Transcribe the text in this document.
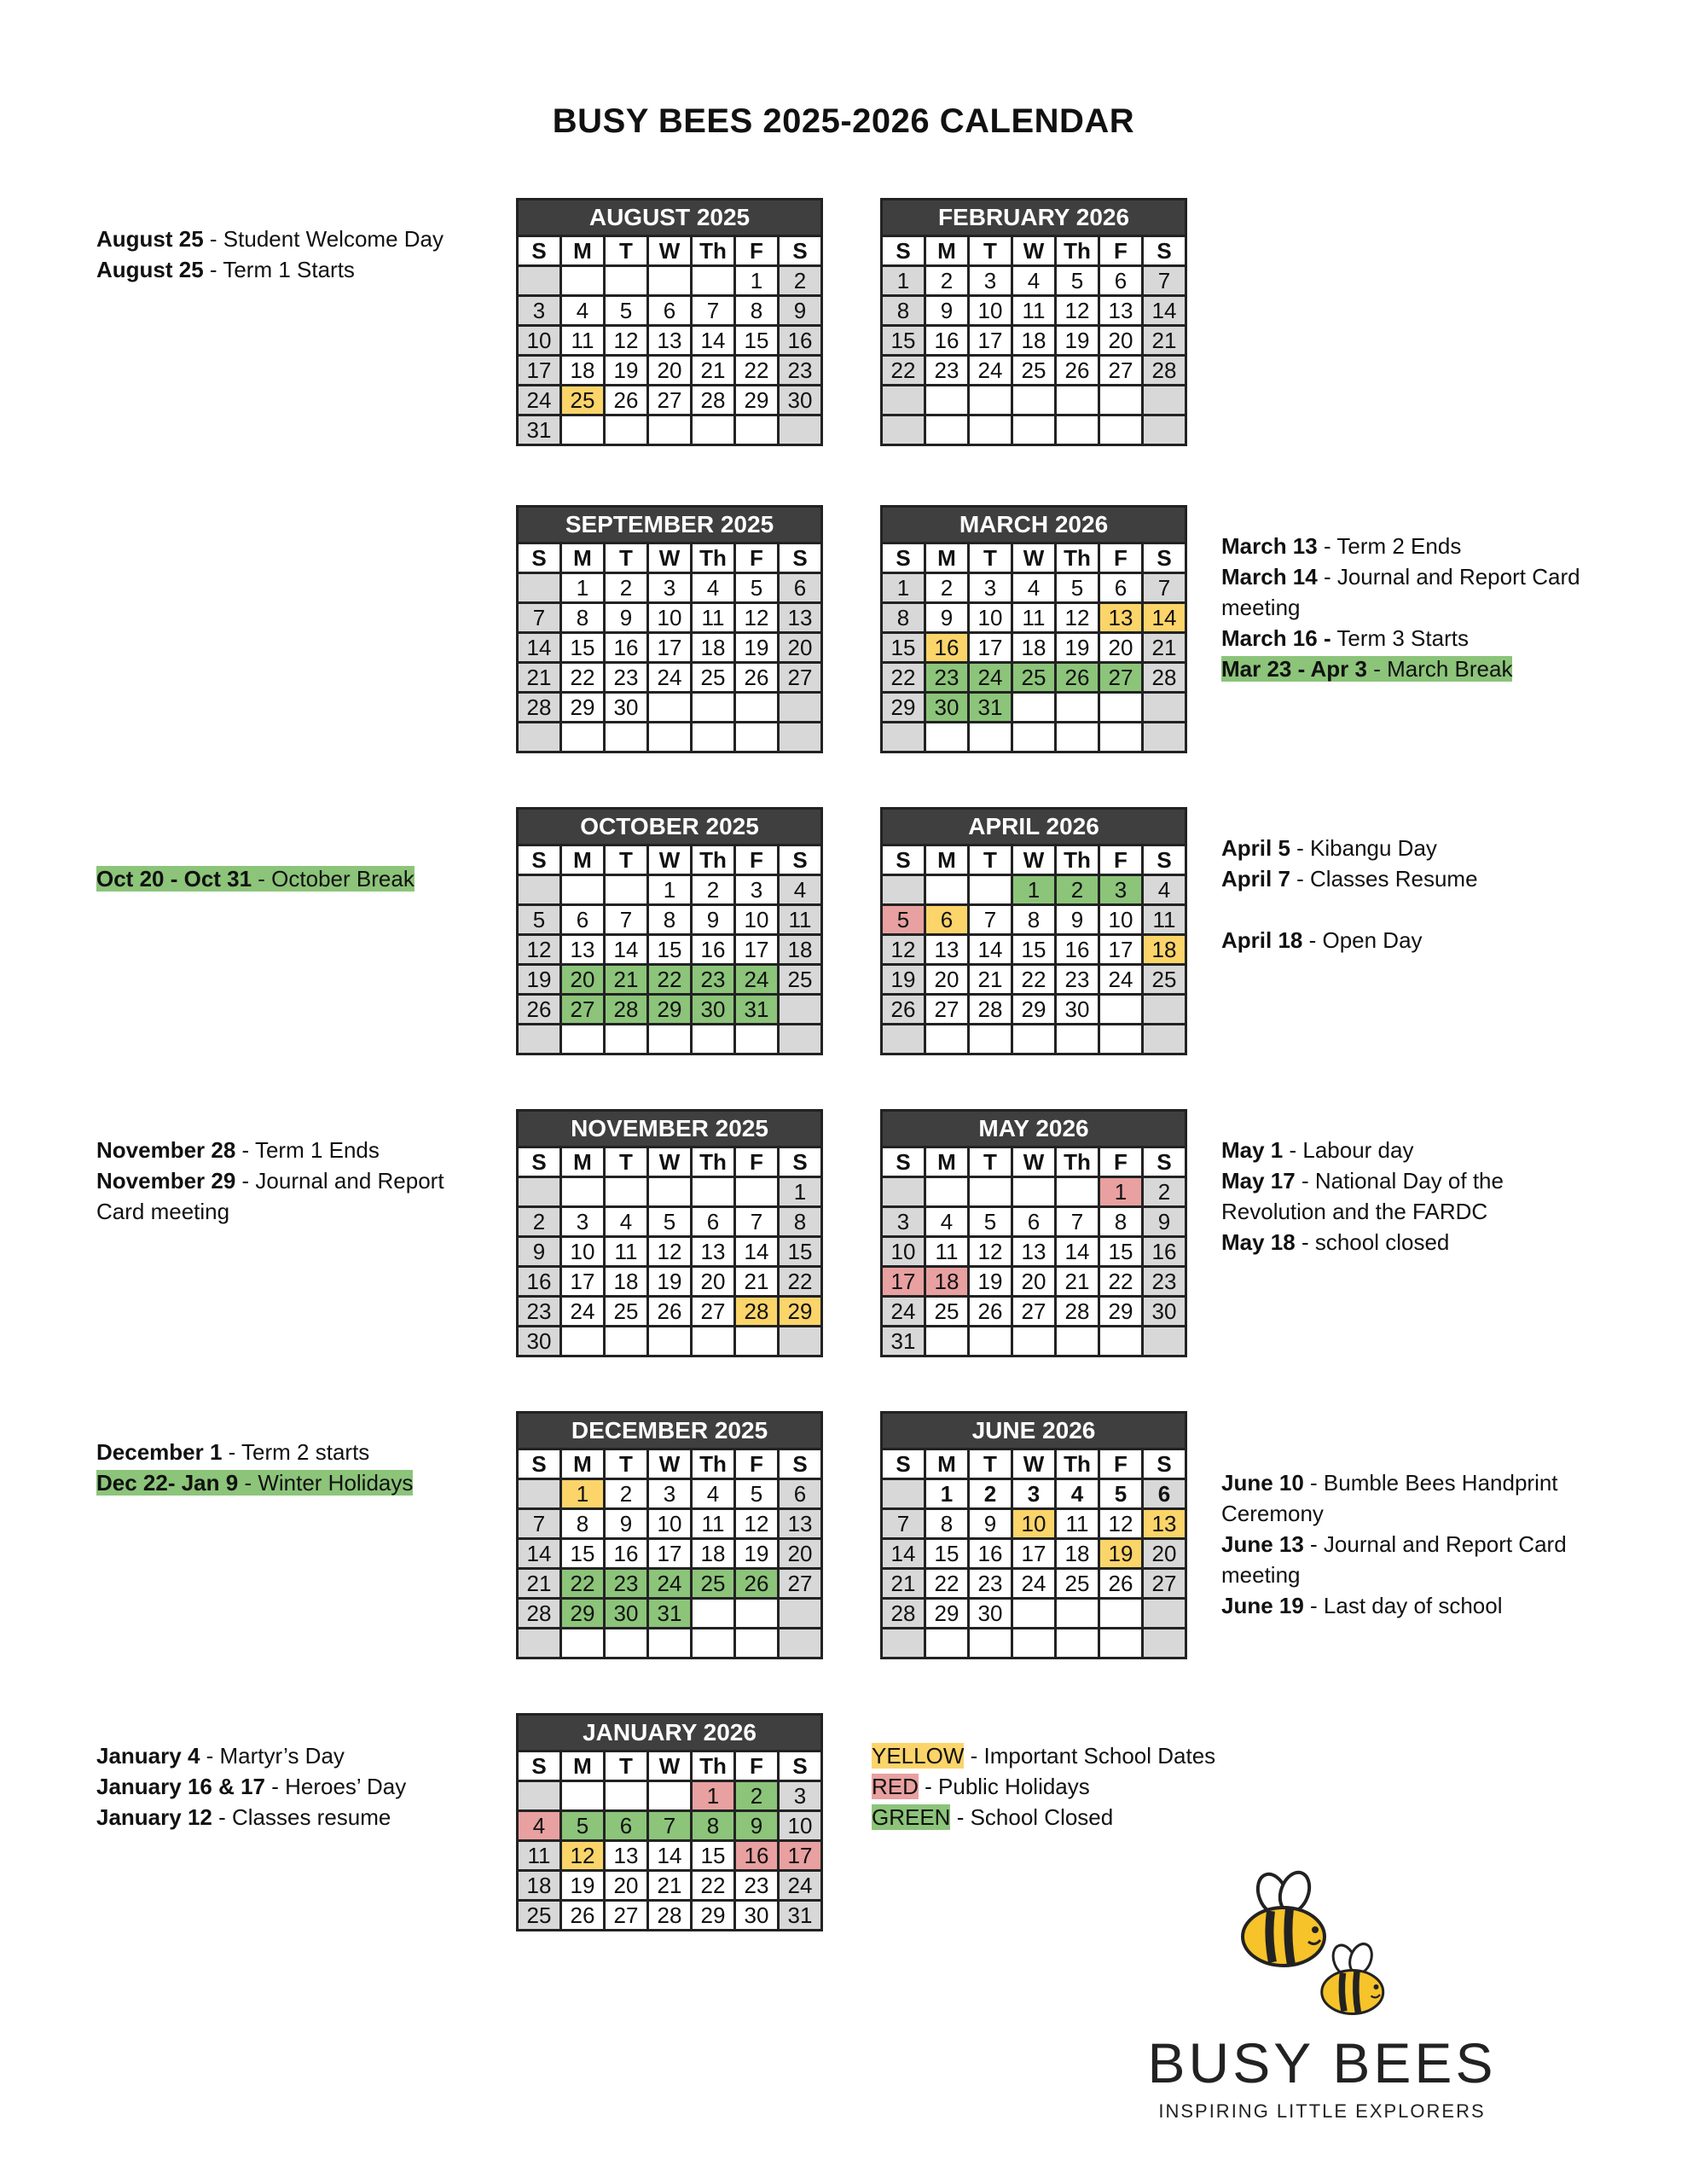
BUSY BEES 2025-2026 CALENDAR
AUGUST 2025
S	M	T	W	Th	F	S
					1	2
3	4	5	6	7	8	9
10	11	12	13	14	15	16
17	18	19	20	21	22	23
24	25	26	27	28	29	30
31						
FEBRUARY 2026
S	M	T	W	Th	F	S
1	2	3	4	5	6	7
8	9	10	11	12	13	14
15	16	17	18	19	20	21
22	23	24	25	26	27	28

SEPTEMBER 2025
S	M	T	W	Th	F	S
	1	2	3	4	5	6
7	8	9	10	11	12	13
14	15	16	17	18	19	20
21	22	23	24	25	26	27
28	29	30				

MARCH 2026
S	M	T	W	Th	F	S
1	2	3	4	5	6	7
8	9	10	11	12	13	14
15	16	17	18	19	20	21
22	23	24	25	26	27	28
29	30	31				

OCTOBER 2025
S	M	T	W	Th	F	S
			1	2	3	4
5	6	7	8	9	10	11
12	13	14	15	16	17	18
19	20	21	22	23	24	25
26	27	28	29	30	31	

APRIL 2026
S	M	T	W	Th	F	S
			1	2	3	4
5	6	7	8	9	10	11
12	13	14	15	16	17	18
19	20	21	22	23	24	25
26	27	28	29	30		

NOVEMBER 2025
S	M	T	W	Th	F	S
						1
2	3	4	5	6	7	8
9	10	11	12	13	14	15
16	17	18	19	20	21	22
23	24	25	26	27	28	29
30						
MAY 2026
S	M	T	W	Th	F	S
					1	2
3	4	5	6	7	8	9
10	11	12	13	14	15	16
17	18	19	20	21	22	23
24	25	26	27	28	29	30
31						
DECEMBER 2025
S	M	T	W	Th	F	S
	1	2	3	4	5	6
7	8	9	10	11	12	13
14	15	16	17	18	19	20
21	22	23	24	25	26	27
28	29	30	31			

JUNE 2026
S	M	T	W	Th	F	S
	1	2	3	4	5	6
7	8	9	10	11	12	13
14	15	16	17	18	19	20
21	22	23	24	25	26	27
28	29	30				

JANUARY 2026
S	M	T	W	Th	F	S
				1	2	3
4	5	6	7	8	9	10
11	12	13	14	15	16	17
18	19	20	21	22	23	24
25	26	27	28	29	30	31
August 25 - Student Welcome Day
August 25 - Term 1 Starts
March 13 - Term 2 Ends
March 14 - Journal and Report Card meeting
March 16 - Term 3 Starts
Mar 23 - Apr 3 - March Break
Oct 20 - Oct 31 - October Break
April 5 - Kibangu Day
April 7 - Classes Resume
April 18 - Open Day
November 28 - Term 1 Ends
November 29 - Journal and Report Card meeting
May 1 - Labour day
May 17 - National Day of the Revolution and the FARDC
May 18 - school closed
December 1 - Term 2 starts
Dec 22- Jan 9 - Winter Holidays	June 10 - Bumble Bees Handprint Ceremony
June 13 - Journal and Report Card meeting
June 19 - Last day of school
January 4 - Martyr’s Day
January 16 & 17 - Heroes’ Day
January 12 - Classes resume
YELLOW - Important School Dates
RED - Public Holidays
GREEN - School Closed
BUSY BEES
INSPIRING LITTLE EXPLORERS
